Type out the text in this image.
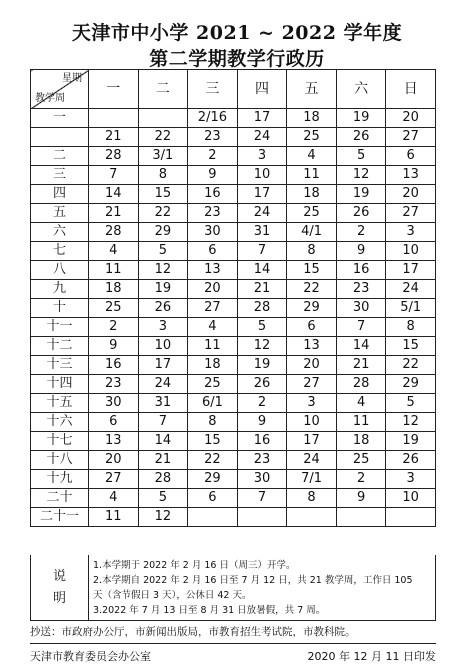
天津市中小学 2021 ~ 2022 学年度
第二学期教学行政历
星期
教学周	一	二	三	四	五	六	日
一			2/16	17	18	19	20
	21	22	23	24	25	26	27
二	28	3/1	2	3	4	5	6
三	7	8	9	10	11	12	13
四	14	15	16	17	18	19	20
五	21	22	23	24	25	26	27
六	28	29	30	31	4/1	2	3
七	4	5	6	7	8	9	10
八	11	12	13	14	15	16	17
九	18	19	20	21	22	23	24
十	25	26	27	28	29	30	5/1
十一	2	3	4	5	6	7	8
十二	9	10	11	12	13	14	15
十三	16	17	18	19	20	21	22
十四	23	24	25	26	27	28	29
十五	30	31	6/1	2	3	4	5
十六	6	7	8	9	10	11	12
十七	13	14	15	16	17	18	19
十八	20	21	22	23	24	25	26
十九	27	28	29	30	7/1	2	3
二十	4	5	6	7	8	9	10
二十一	11	12					
说
明
1.本学期于 2022 年 2 月 16 日（周三）开学。
2.本学期自 2022 年 2 月 16 日至 7 月 12 日，共 21 教学周，工作日 105
天（含节假日 3 天），公休日 42 天。
3.2022 年 7 月 13 日至 8 月 31 日放暑假，共 7 周。
抄送：市政府办公厅，市新闻出版局，市教育招生考试院，市教科院。
天津市教育委员会办公室	2020 年 12 月 11 日印发
